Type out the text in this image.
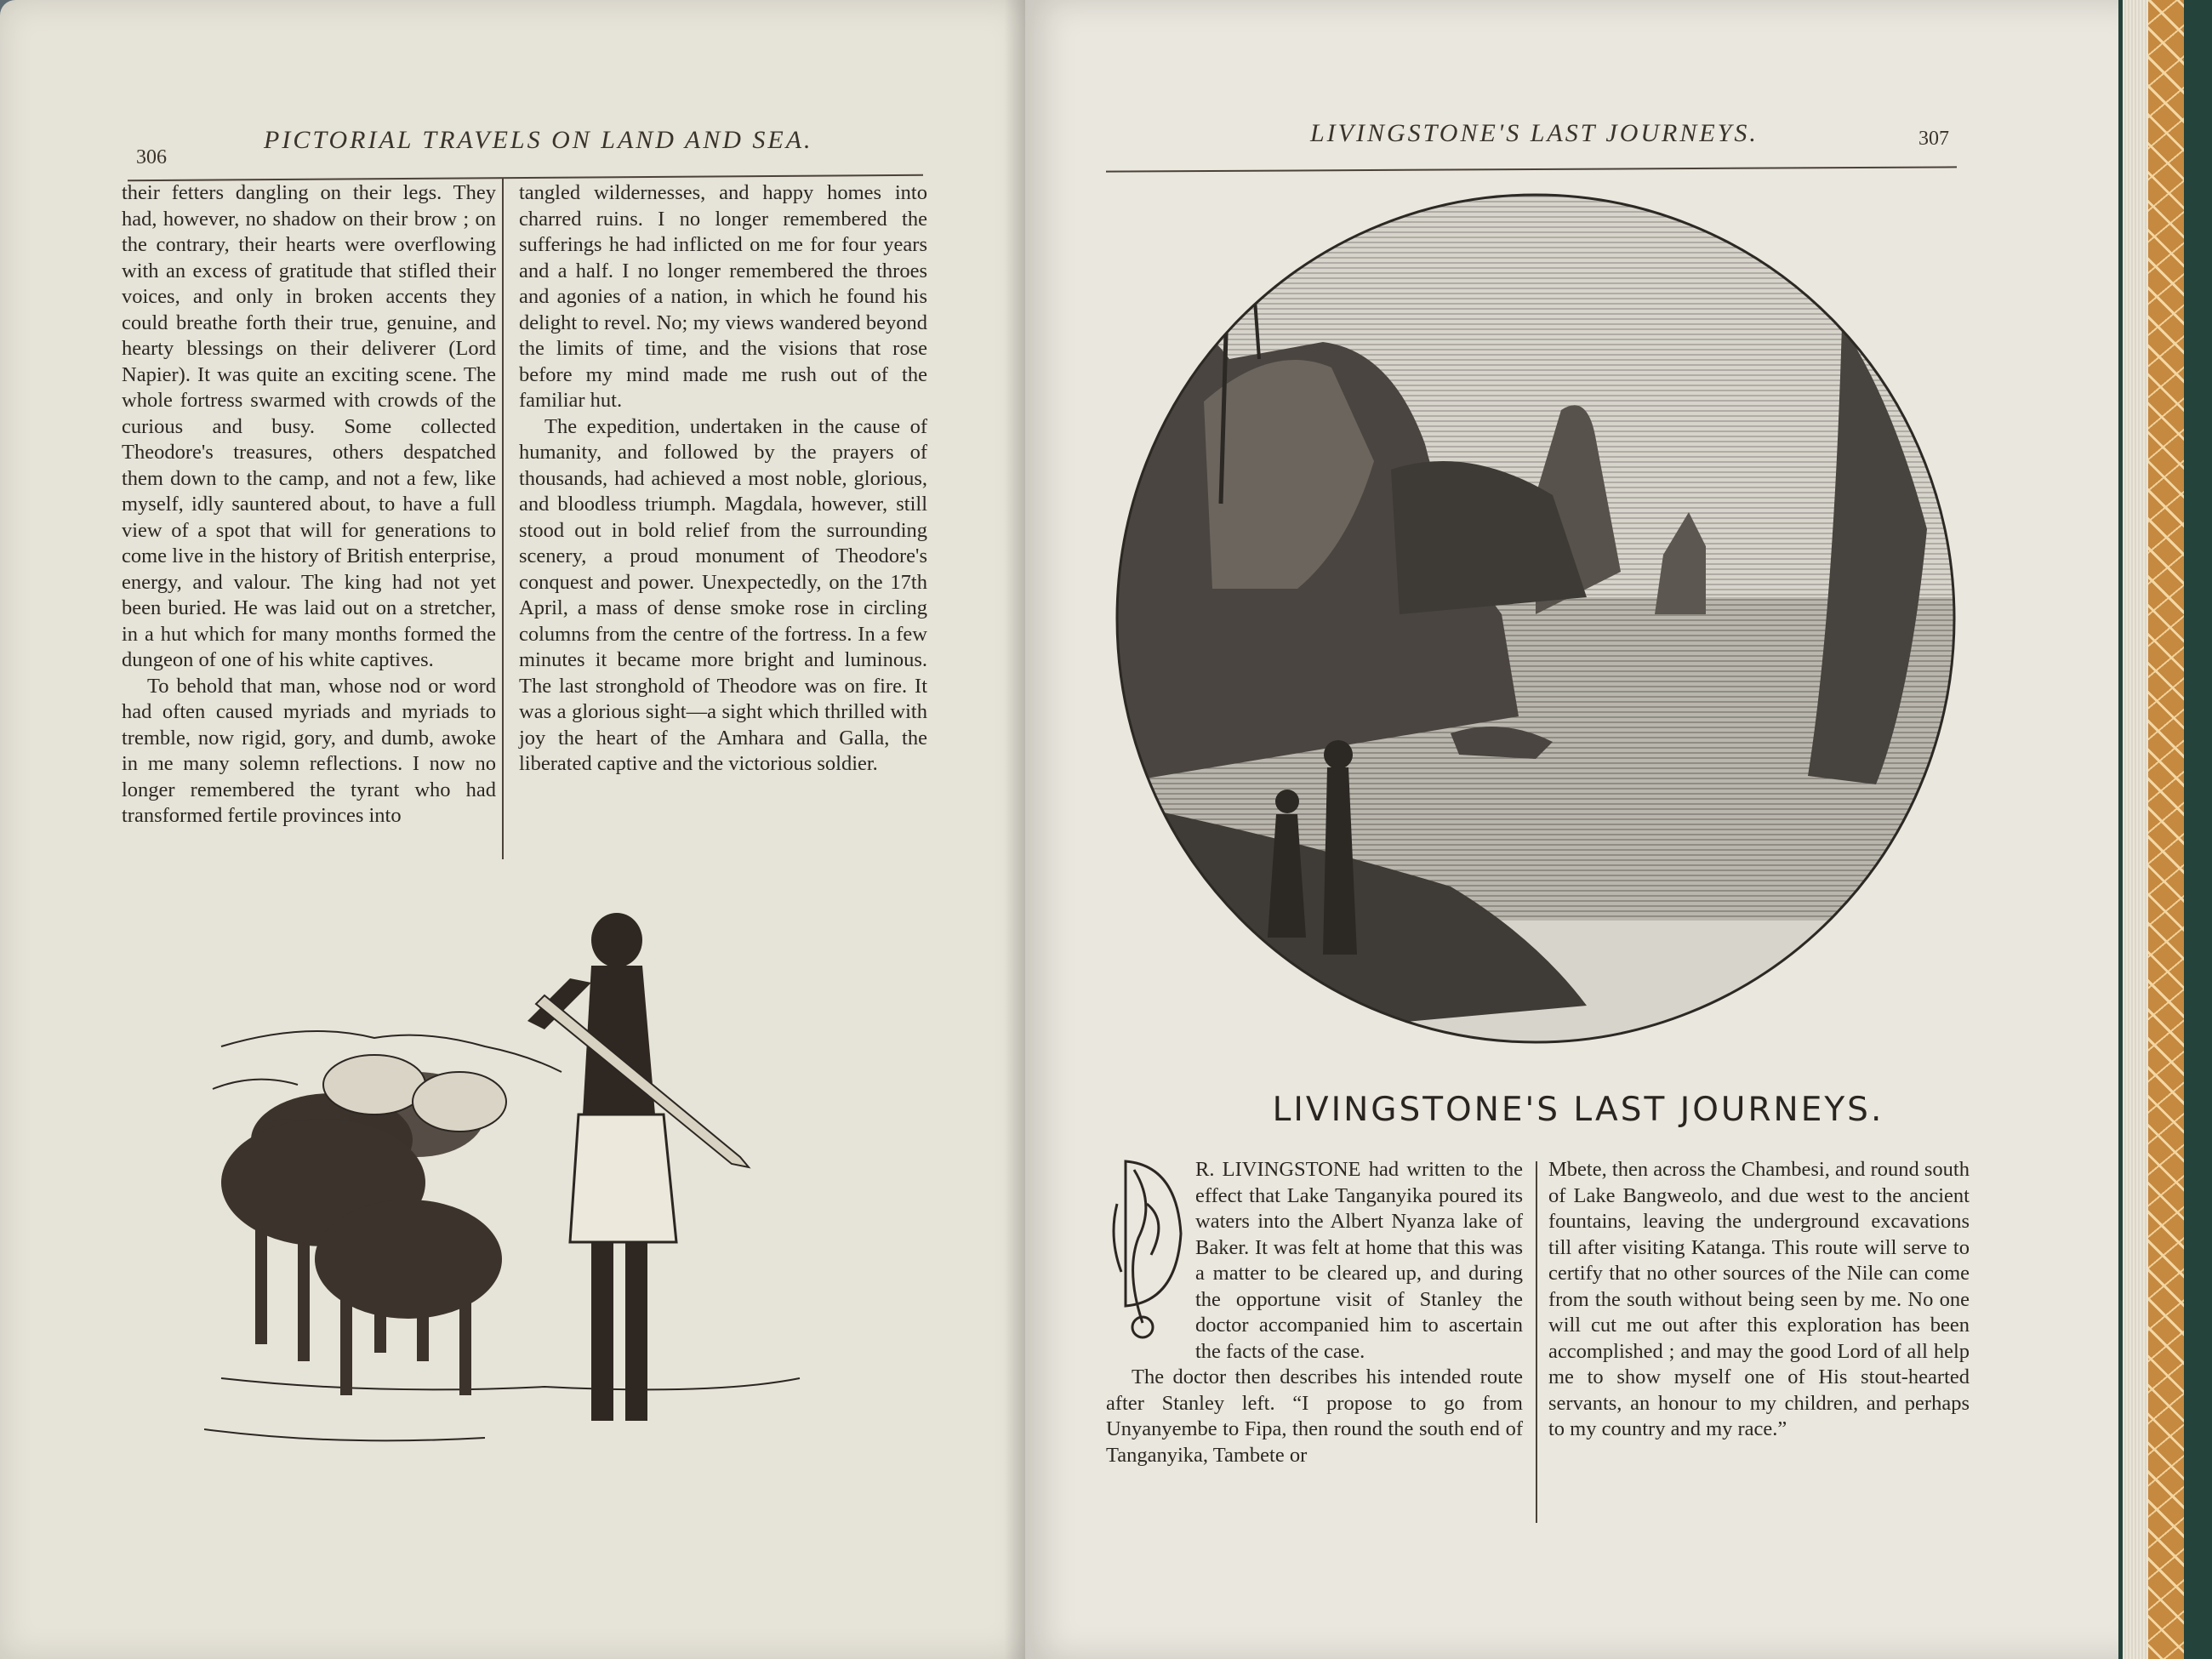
306
PICTORIAL TRAVELS ON LAND AND SEA.

their fetters dangling on their legs. They had, however, no shadow on their brow ; on the contrary, their hearts were overflowing with an excess of gratitude that stifled their voices, and only in broken accents they could breathe forth their true, genuine, and hearty blessings on their deliverer (Lord Napier). It was quite an exciting scene. The whole fortress swarmed with crowds of the curious and busy. Some collected Theodore's treasures, others despatched them down to the camp, and not a few, like myself, idly sauntered about, to have a full view of a spot that will for generations to come live in the history of British enterprise, energy, and valour. The king had not yet been buried. He was laid out on a stretcher, in a hut which for many months formed the dungeon of one of his white captives.

To behold that man, whose nod or word had often caused myriads and myriads to tremble, now rigid, gory, and dumb, awoke in me many solemn reflections. I now no longer remembered the tyrant who had transformed fertile provinces into

tangled wildernesses, and happy homes into charred ruins. I no longer remembered the sufferings he had inflicted on me for four years and a half. I no longer remembered the throes and agonies of a nation, in which he found his delight to revel. No; my views wandered beyond the limits of time, and the visions that rose before my mind made me rush out of the familiar hut.

The expedition, undertaken in the cause of humanity, and followed by the prayers of thousands, had achieved a most noble, glorious, and bloodless triumph. Magdala, however, still stood out in bold relief from the surrounding scenery, a proud monument of Theodore's conquest and power. Unexpectedly, on the 17th April, a mass of dense smoke rose in circling columns from the centre of the fortress. In a few minutes it became more bright and luminous. The last stronghold of Theodore was on fire. It was a glorious sight—a sight which thrilled with joy the heart of the Amhara and Galla, the liberated captive and the victorious soldier.

LIVINGSTONE'S LAST JOURNEYS.	307
LIVINGSTONE'S LAST JOURNEYS.

R. LIVINGSTONE had written to the effect that Lake Tanganyika poured its waters into the Albert Nyanza lake of Baker. It was felt at home that this was a matter to be cleared up, and during the opportune visit of Stanley the doctor accompanied him to ascertain the facts of the case.

The doctor then describes his intended route after Stanley left. “I propose to go from Unyanyembe to Fipa, then round the south end of Tanganyika, Tambete or

Mbete, then across the Chambesi, and round south of Lake Bangweolo, and due west to the ancient fountains, leaving the underground excavations till after visiting Katanga. This route will serve to certify that no other sources of the Nile can come from the south without being seen by me. No one will cut me out after this exploration has been accomplished ; and may the good Lord of all help me to show myself one of His stout-hearted servants, an honour to my children, and perhaps to my country and my race.”
